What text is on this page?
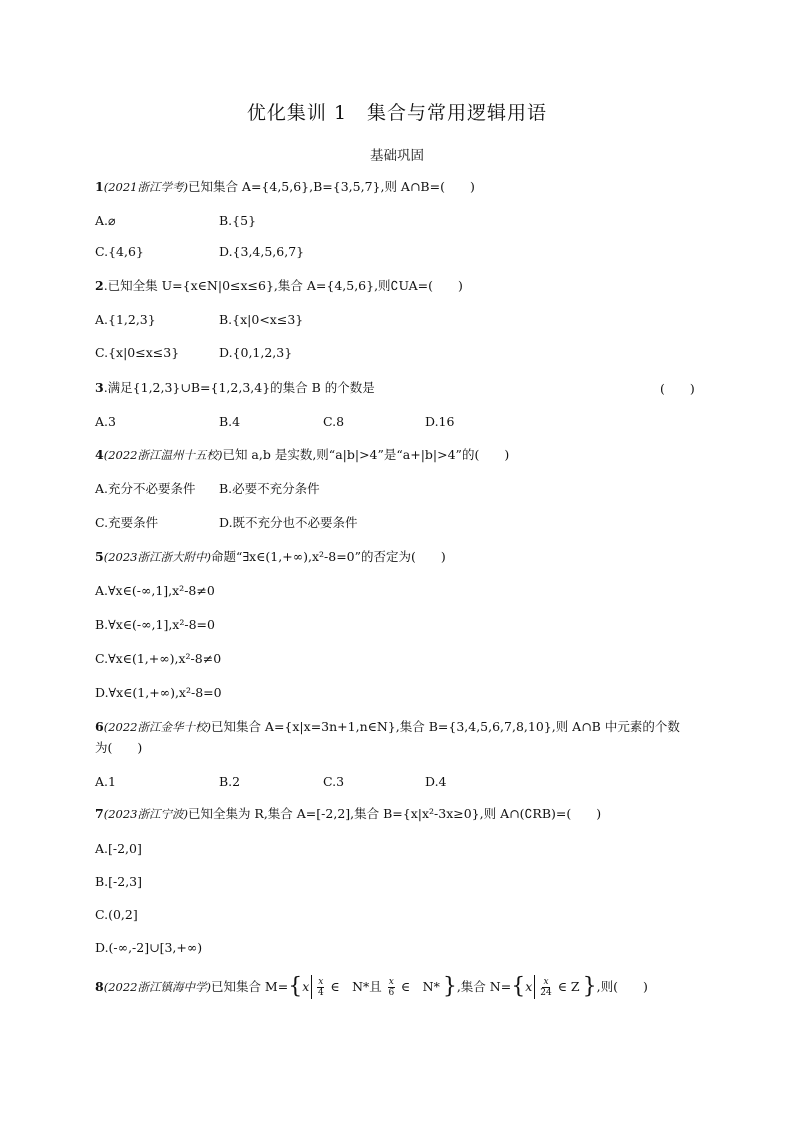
优化集训 1　集合与常用逻辑用语
基础巩固
1(2021浙江学考)已知集合 A={4,5,6},B={3,5,7},则 A∩B=(　　)
A.⌀	B.{5}
C.{4,6}	D.{3,4,5,6,7}
2.已知全集 U={x∈N|0≤x≤6},集合 A={4,5,6},则∁UA=(　　)
A.{1,2,3}	B.{x|0<x≤3}
C.{x|0≤x≤3}	D.{0,1,2,3}
3.满足{1,2,3}∪B={1,2,3,4}的集合 B 的个数是	(　　)
A.3	B.4	C.8	D.16
4(2022浙江温州十五校)已知 a,b 是实数,则“a|b|>4”是“a+|b|>4”的(　　)
A.充分不必要条件 B.必要不充分条件
C.充要条件	D.既不充分也不必要条件
5(2023浙江浙大附中)命题“∃x∈(1,+∞),x²-8=0”的否定为(　　)
A.∀x∈(-∞,1],x²-8≠0
B.∀x∈(-∞,1],x²-8=0
C.∀x∈(1,+∞),x²-8≠0
D.∀x∈(1,+∞),x²-8=0
6(2022浙江金华十校)已知集合 A={x|x=3n+1,n∈N},集合 B={3,4,5,6,7,8,10},则 A∩B 中元素的个数
为(　　)
A.1	B.2	C.3	D.4
7(2023浙江宁波)已知全集为 R,集合 A=[-2,2],集合 B={x|x²-3x≥0},则 A∩(∁RB)=(　　)
A.[-2,0]
B.[-2,3]
C.(0,2]
D.(-∞,-2]∪[3,+∞)
8 (2022浙江镇海中学) 已知集合 M= { x $\frac{x}{4}$ ∈　N*且 $\frac{x}{6}$ ∈　N* } ,集合 N= { x $\frac{x}{24}$ ∈ Z } ,则(　　)
